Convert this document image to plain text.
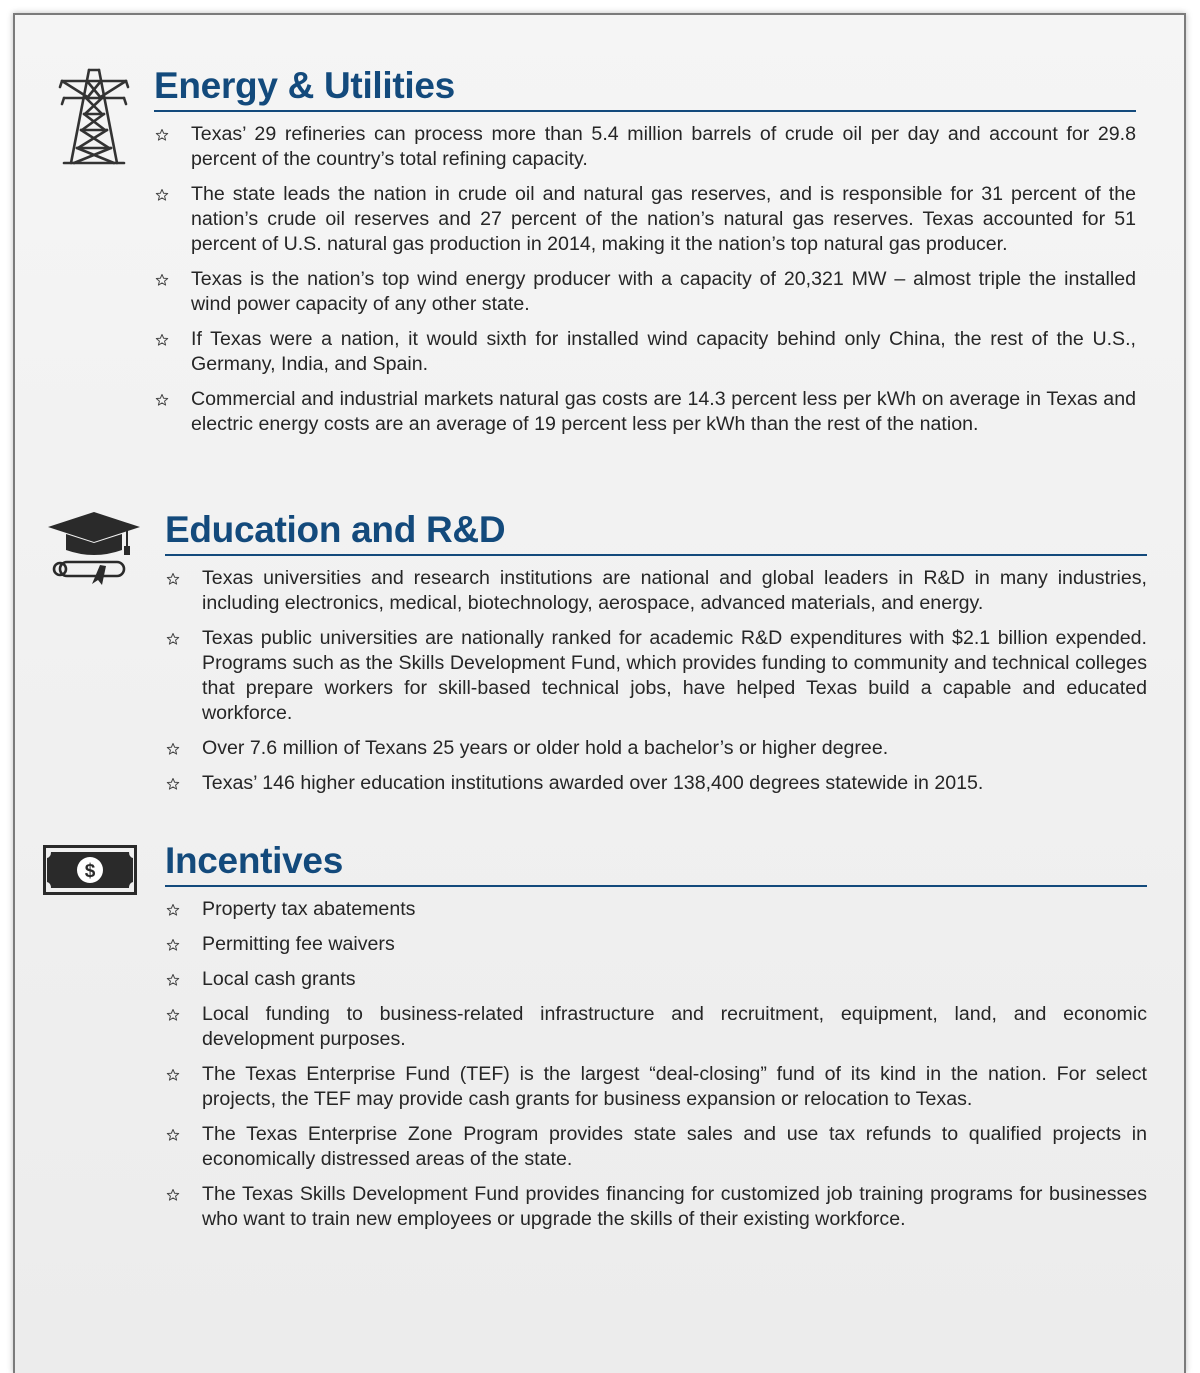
Energy & Utilities
Texas’ 29 refineries can process more than 5.4 million barrels of crude oil per day and account for 29.8 percent of the country’s total refining capacity.
The state leads the nation in crude oil and natural gas reserves, and is responsible for 31 percent of the nation’s crude oil reserves and 27 percent of the nation’s natural gas reserves. Texas accounted for 51 percent of U.S. natural gas production in 2014, making it the nation’s top natural gas producer.
Texas is the nation’s top wind energy producer with a capacity of 20,321 MW – almost triple the installed wind power capacity of any other state.
If Texas were a nation, it would sixth for installed wind capacity behind only China, the rest of the U.S., Germany, India, and Spain.
Commercial and industrial markets natural gas costs are 14.3 percent less per kWh on average in Texas and electric energy costs are an average of 19 percent less per kWh than the rest of the nation.
Education and R&D
Texas universities and research institutions are national and global leaders in R&D in many industries, including electronics, medical, biotechnology, aerospace, advanced materials, and energy.
Texas public universities are nationally ranked for academic R&D expenditures with $2.1 billion expended. Programs such as the Skills Development Fund, which provides funding to community and technical colleges that prepare workers for skill-based technical jobs, have helped Texas build a capable and educated workforce.
Over 7.6 million of Texans 25 years or older hold a bachelor’s or higher degree.
Texas’ 146 higher education institutions awarded over 138,400 degrees statewide in 2015.
$ Incentives
Property tax abatements
Permitting fee waivers
Local cash grants
Local funding to business-related infrastructure and recruitment, equipment, land, and economic development purposes.
The Texas Enterprise Fund (TEF) is the largest “deal-closing” fund of its kind in the nation. For select projects, the TEF may provide cash grants for business expansion or relocation to Texas.
The Texas Enterprise Zone Program provides state sales and use tax refunds to qualified projects in economically distressed areas of the state.
The Texas Skills Development Fund provides financing for customized job training programs for businesses who want to train new employees or upgrade the skills of their existing workforce.
